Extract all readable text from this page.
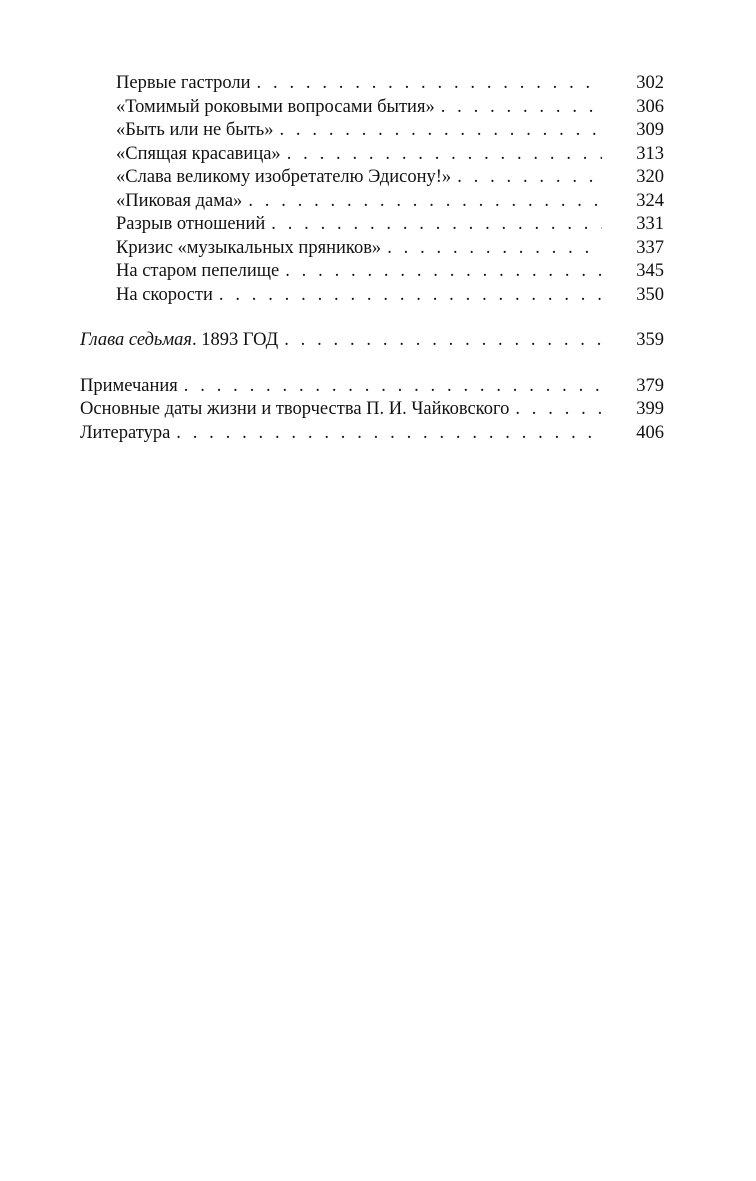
Первые гастроли . . .	302
«Томимый роковыми вопросами бытия» . . .	306
«Быть или не быть» . . .	309
«Спящая красавица» . . .	313
«Слава великому изобретателю Эдисону!» . . .	320
«Пиковая дама» . . .	324
Разрыв отношений . . .	331
Кризис «музыкальных пряников» . . .	337
На старом пепелище . . .	345
На скорости . . .	350
Глава седьмая. 1893 ГОД . . .	359
Примечания . . .	379
Основные даты жизни и творчества П. И. Чайковского . . .	399
Литература . . .	406
